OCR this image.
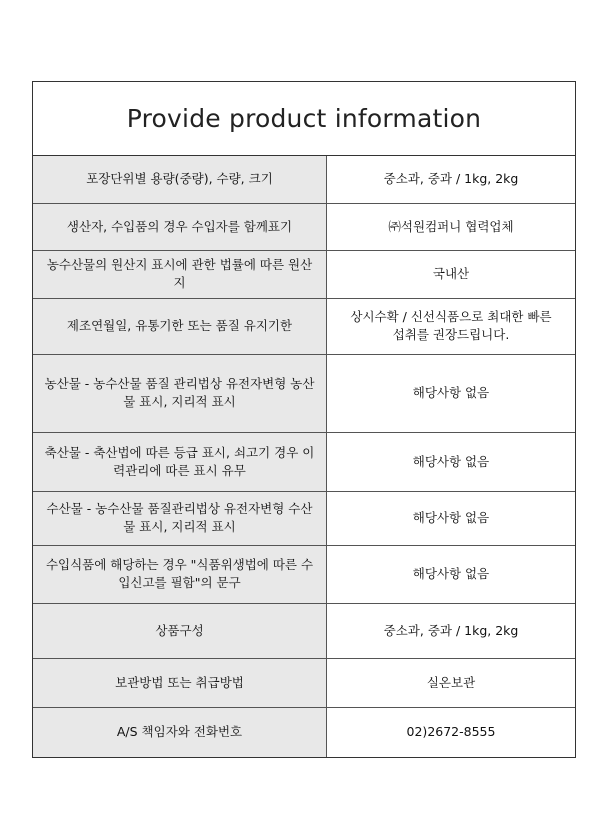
Provide product information
포장단위별 용량(중량), 수량, 크기	중소과, 중과 / 1kg, 2kg
생산자, 수입품의 경우 수입자를 함께표기	㈜석원컴퍼니 협력업체
농수산물의 원산지 표시에 관한 법률에 따른 원산지	국내산
제조연월일, 유통기한 또는 품질 유지기한	상시수확 / 신선식품으로 최대한 빠른 섭취를 권장드립니다.
농산물 - 농수산물 품질 관리법상 유전자변형 농산물 표시, 지리적 표시	해당사항 없음
축산물 - 축산법에 따른 등급 표시, 쇠고기 경우 이력관리에 따른 표시 유무	해당사항 없음
수산물 - 농수산물 품질관리법상 유전자변형 수산물 표시, 지리적 표시	해당사항 없음
수입식품에 해당하는 경우 "식품위생법에 따른 수입신고를 필함"의 문구	해당사항 없음
상품구성	중소과, 중과 / 1kg, 2kg
보관방법 또는 취급방법	실온보관
A/S 책임자와 전화번호	02)2672-8555
